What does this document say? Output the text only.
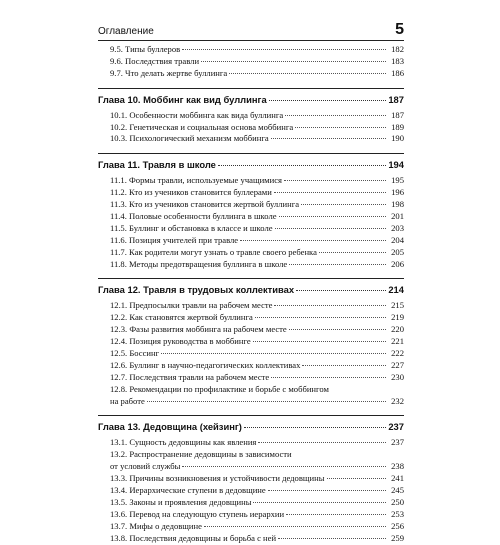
Оглавление	5
9.5. Типы буллеров	182
9.6. Последствия травли	183
9.7. Что делать жертве буллинга	186
Глава 10. Моббинг как вид буллинга	187
10.1. Особенности моббинга как вида буллинга	187
10.2. Генетическая и социальная основа моббинга	189
10.3. Психологический механизм моббинга	190
Глава 11. Травля в школе	194
11.1. Формы травли, используемые учащимися	195
11.2. Кто из учеников становится буллерами	196
11.3. Кто из учеников становится жертвой буллинга	198
11.4. Половые особенности буллинга в школе	201
11.5. Буллинг и обстановка в классе и школе	203
11.6. Позиция учителей при травле	204
11.7. Как родители могут узнать о травле своего ребенка	205
11.8. Методы предотвращения буллинга в школе	206
Глава 12. Травля в трудовых коллективах	214
12.1. Предпосылки травли на рабочем месте	215
12.2. Как становятся жертвой буллинга	219
12.3. Фазы развития моббинга на рабочем месте	220
12.4. Позиция руководства в моббинге	221
12.5. Боссинг	222
12.6. Буллинг в научно-педагогических коллективах	227
12.7. Последствия травли на рабочем месте	230
12.8. Рекомендации по профилактике и борьбе с моббингом
на работе	232
Глава 13. Дедовщина (хейзинг)	237
13.1. Сущность дедовщины как явления	237
13.2. Распространение дедовщины в зависимости
от условий службы	238
13.3. Причины возникновения и устойчивости дедовщины	241
13.4. Иерархические ступени в дедовщине	245
13.5. Законы и проявления дедовщины	250
13.6. Перевод на следующую ступень иерархии	253
13.7. Мифы о дедовщине	256
13.8. Последствия дедовщины и борьба с ней	259
